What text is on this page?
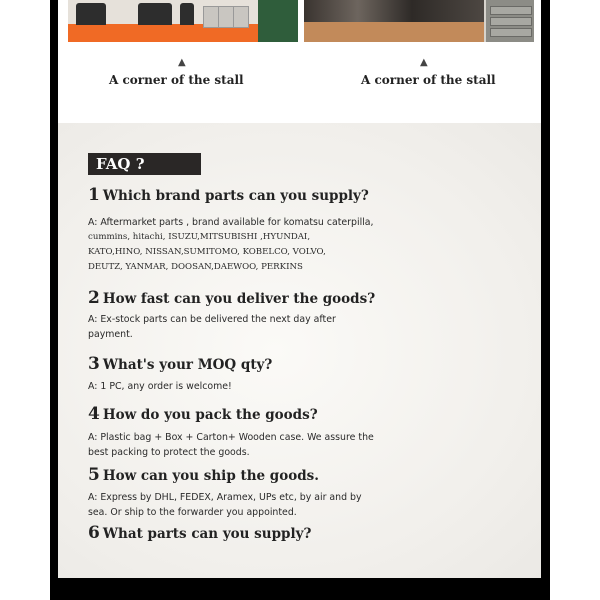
▲
A corner of the stall
▲
A corner of the stall
FAQ ?
1 Which brand parts can you supply?
A: Aftermarket parts , brand available for komatsu caterpilla,
cummins, hitachi, ISUZU,MITSUBISHI ,HYUNDAI,
KATO,HINO, NISSAN,SUMITOMO, KOBELCO, VOLVO,
DEUTZ, YANMAR, DOOSAN,DAEWOO, PERKINS
2 How fast can you deliver the goods?
A: Ex-stock parts can be delivered the next day after
payment.
3 What's your MOQ qty?
A: 1 PC, any order is welcome!
4 How do you pack the goods?
A: Plastic bag + Box + Carton+ Wooden case. We assure the
best packing to protect the goods.
5 How can you ship the goods.
A: Express by DHL, FEDEX, Aramex, UPs etc, by air and by
sea. Or ship to the forwarder you appointed.
6 What parts can you supply?
